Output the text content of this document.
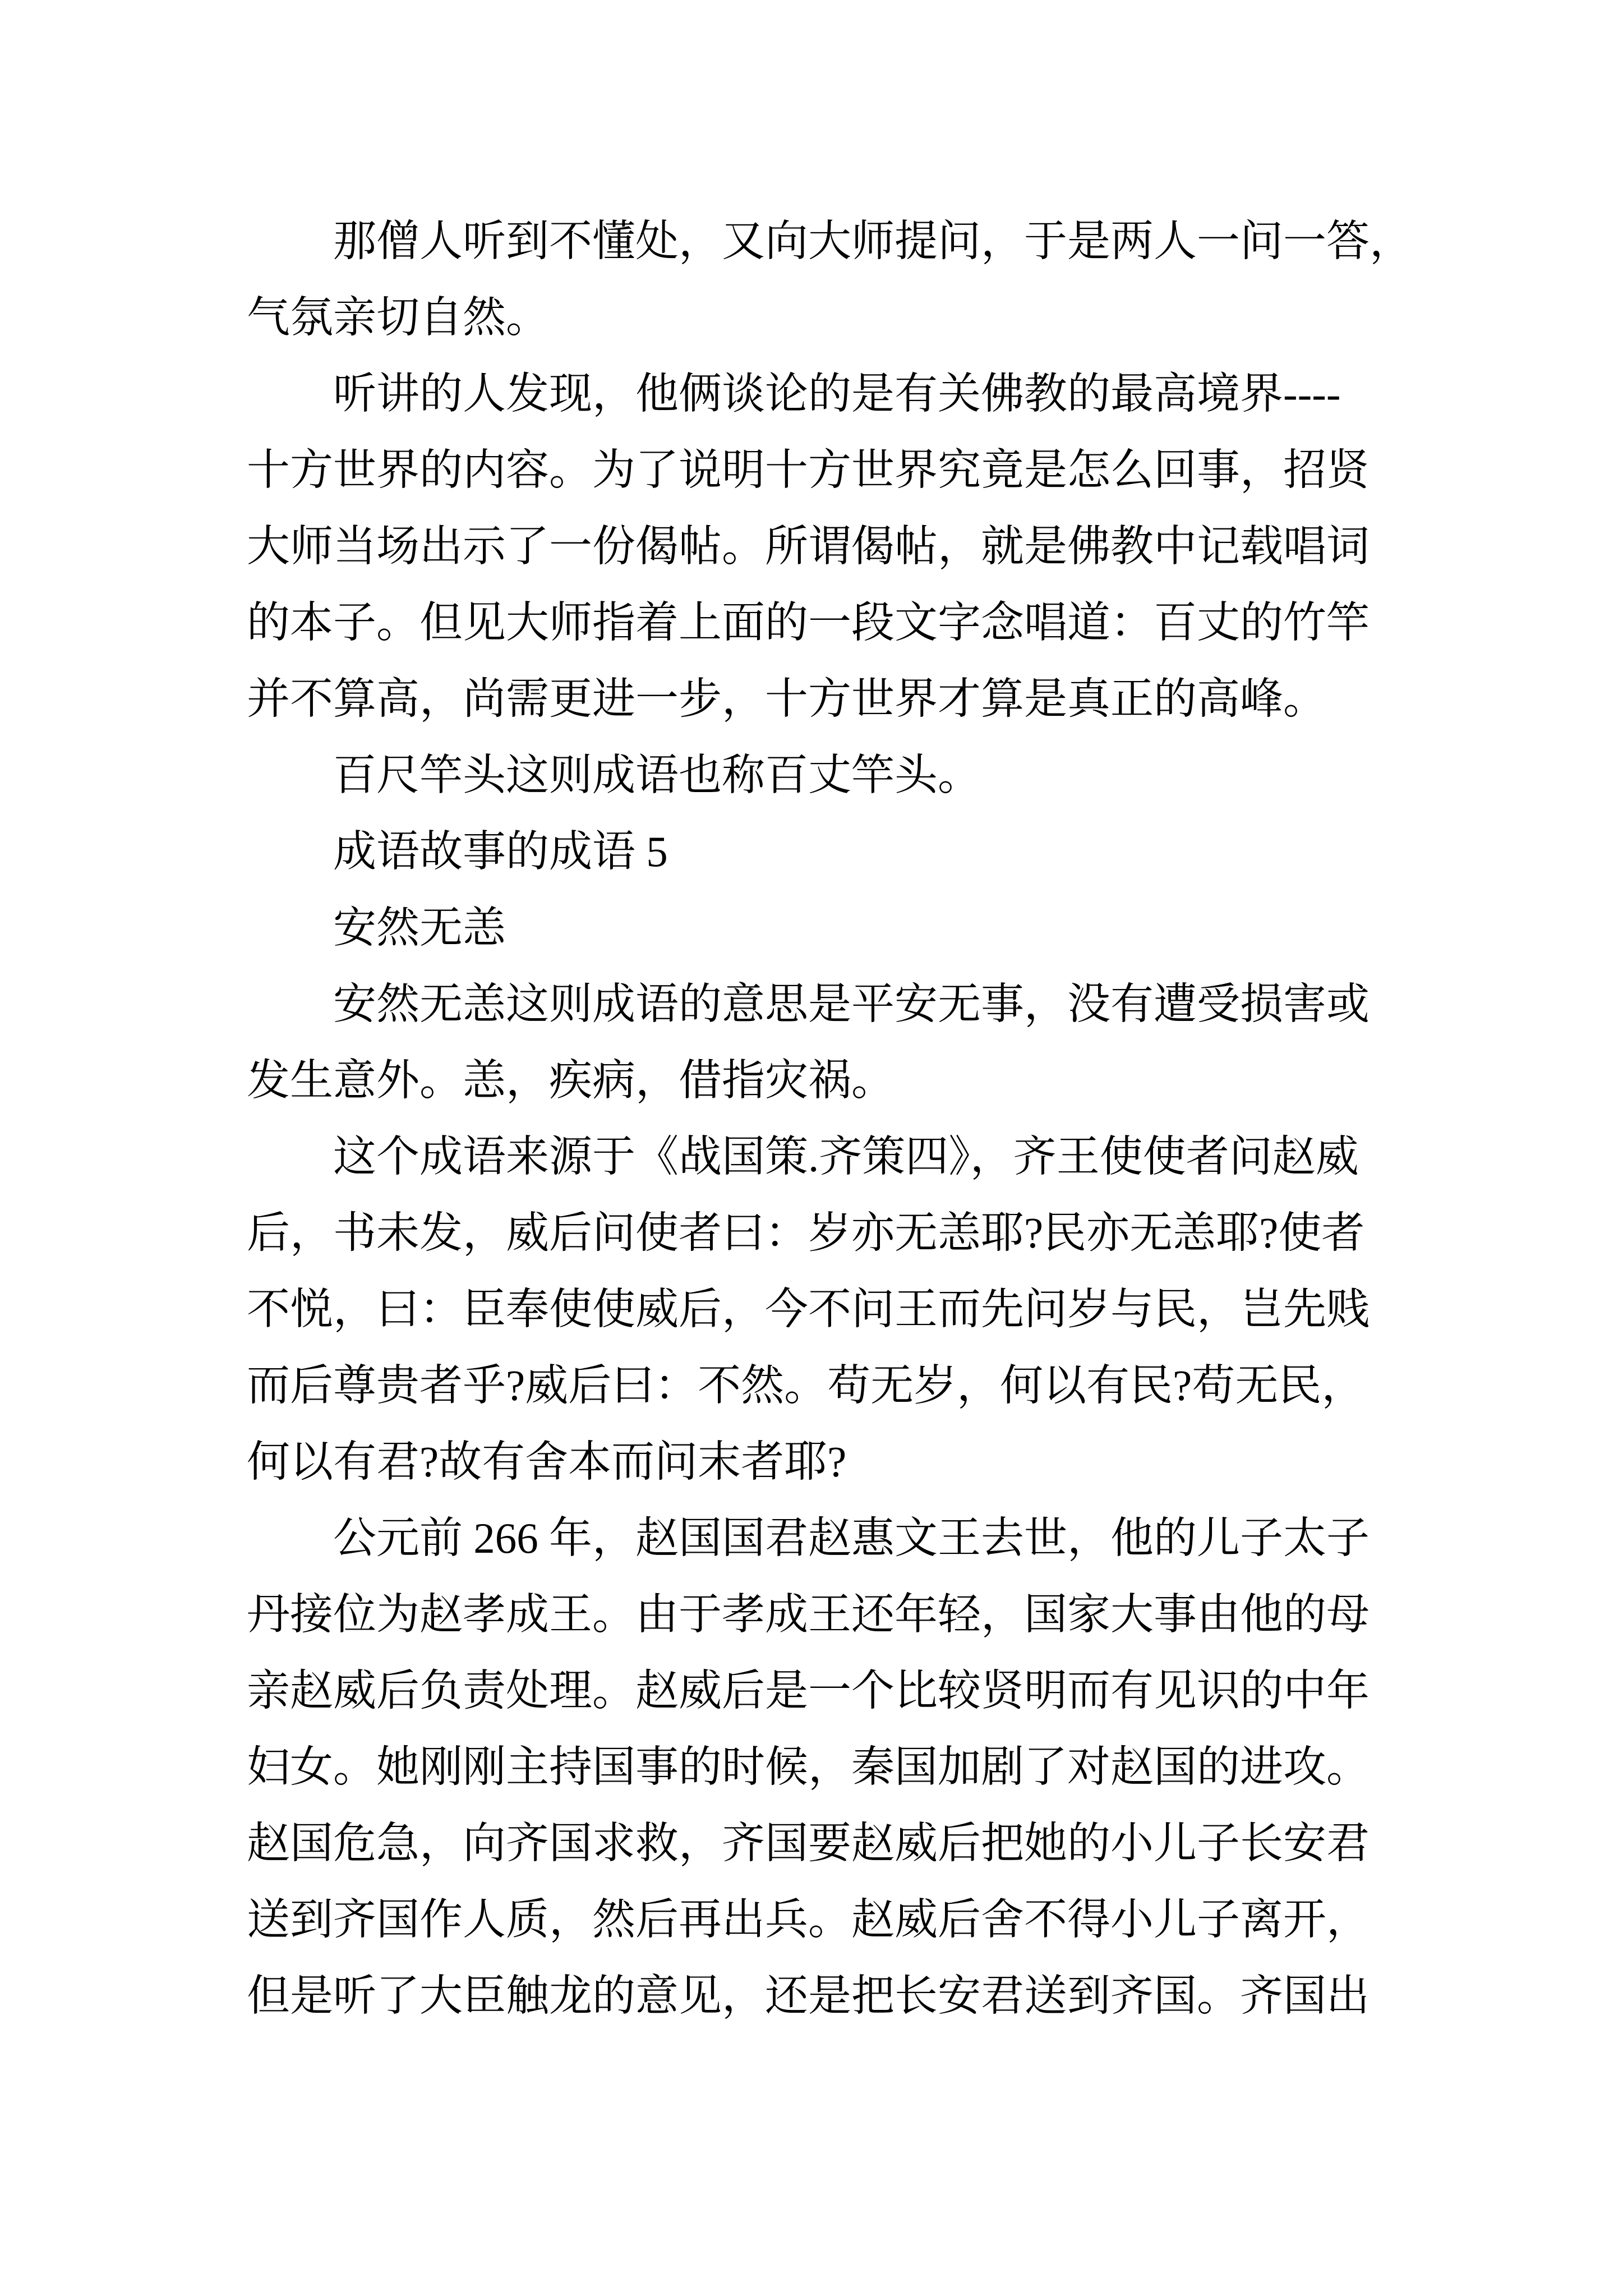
那僧人听到不懂处，又向大师提问，于是两人一问一答，
气氛亲切自然。
听讲的人发现，他俩谈论的是有关佛教的最高境界----
十方世界的内容。为了说明十方世界究竟是怎么回事，招贤
大师当场出示了一份偈帖。所谓偈帖，就是佛教中记载唱词
的本子。但见大师指着上面的一段文字念唱道：百丈的竹竿
并不算高，尚需更进一步，十方世界才算是真正的高峰。
百尺竿头这则成语也称百丈竿头。
成语故事的成语 5
安然无恙
安然无恙这则成语的意思是平安无事，没有遭受损害或
发生意外。恙，疾病，借指灾祸。
这个成语来源于《战国策.齐策四》，齐王使使者问赵威
后，书未发，威后问使者曰：岁亦无恙耶?民亦无恙耶?使者
不悦，曰：臣奉使使威后，今不问王而先问岁与民，岂先贱
而后尊贵者乎?威后曰：不然。苟无岁，何以有民?苟无民，
何以有君?故有舍本而问末者耶?
公元前 266 年，赵国国君赵惠文王去世，他的儿子太子
丹接位为赵孝成王。由于孝成王还年轻，国家大事由他的母
亲赵威后负责处理。赵威后是一个比较贤明而有见识的中年
妇女。她刚刚主持国事的时候，秦国加剧了对赵国的进攻。
赵国危急，向齐国求救，齐国要赵威后把她的小儿子长安君
送到齐国作人质，然后再出兵。赵威后舍不得小儿子离开，
但是听了大臣触龙的意见，还是把长安君送到齐国。齐国出
